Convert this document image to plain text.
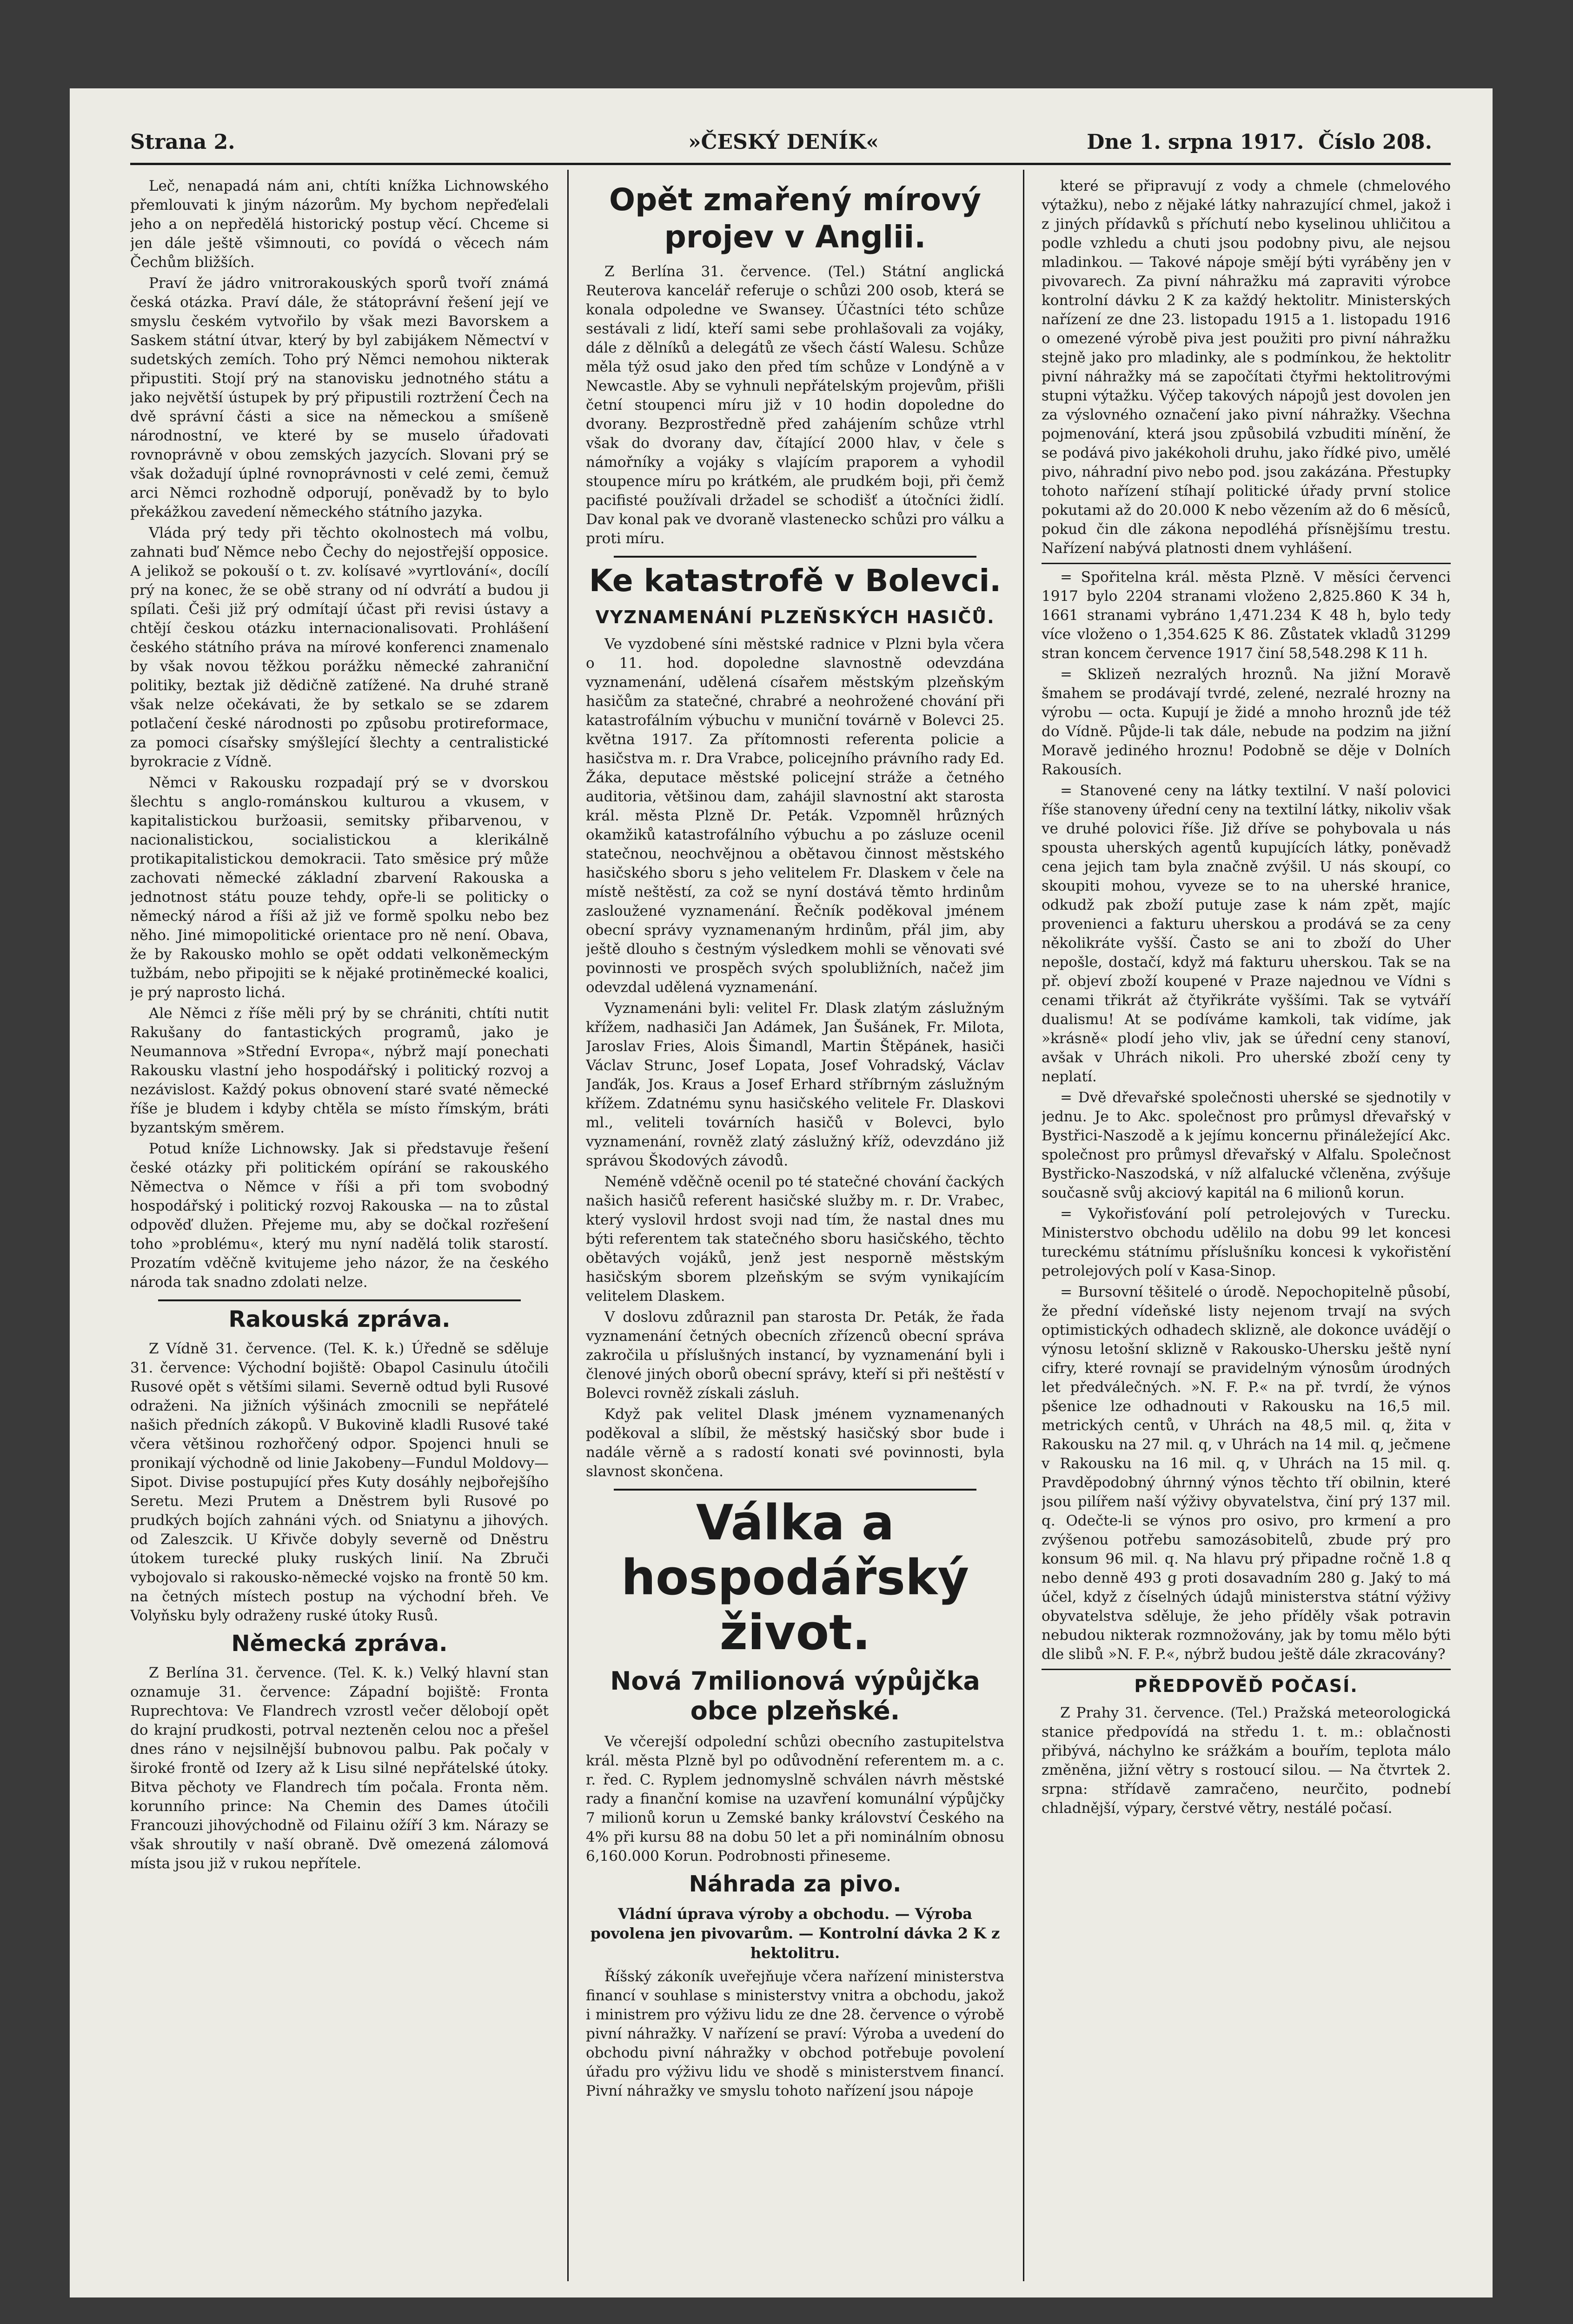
Strana 2.	»ČESKÝ DENÍK«	Dne 1. srpna 1917. Číslo 208.

Leč, nenapadá nám ani, chtíti knížka Lichnowského přemlouvati k jiným názorům. My bychom nepřeďelali jeho a on nepředělá historický postup věcí. Chceme si jen dále ještě všimnouti, co povídá o věcech nám Čechům bližších.

Praví že jádro vnitrorakouských sporů tvoří známá česká otázka. Praví dále, že státoprávní řešení její ve smyslu českém vytvořilo by však mezi Bavorskem a Saskem státní útvar, který by byl zabijákem Němectví v sudetských zemích. Toho prý Němci nemohou nikterak připustiti. Stojí prý na stanovisku jednotného státu a jako největší ústupek by prý připustili roztržení Čech na dvě správní části a sice na německou a smíšeně národnostní, ve které by se muselo úřadovati rovnoprávně v obou zemských jazycích. Slovani prý se však dožadují úplné rovnoprávnosti v celé zemi, čemuž arci Němci rozhodně odporují, poněvadž by to bylo překážkou zavedení německého státního jazyka.

Vláda prý tedy při těchto okolnostech má volbu, zahnati buď Němce nebo Čechy do nejostřejší opposice. A jelikož se pokouší o t. zv. kolísavé »vyrtlování«, docílí prý na konec, že se obě strany od ní odvrátí a budou ji spílati. Češi již prý odmítají účast při revisi ústavy a chtějí českou otázku internacionalisovati. Prohlášení českého státního práva na mírové konferenci znamenalo by však novou těžkou porážku německé zahraniční politiky, beztak již dědičně zatížené. Na druhé straně však nelze očekávati, že by setkalo se se zdarem potlačení české národnosti po způsobu protireformace, za pomoci císařsky smýšlející šlechty a centralistické byrokracie z Vídně.

Němci v Rakousku rozpadají prý se v dvorskou šlechtu s anglo-románskou kulturou a vkusem, v kapitalistickou buržoasii, semitsky přibarvenou, v nacionalistickou, socialistickou a klerikálně protikapitalistickou demokracii. Tato směsice prý může zachovati německé základní zbarvení Rakouska a jednotnost státu pouze tehdy, opře-li se politicky o německý národ a říši až již ve formě spolku nebo bez něho. Jiné mimopolitické orientace pro ně není. Obava, že by Rakousko mohlo se opět oddati velkoněmeckým tužbám, nebo připojiti se k nějaké protiněmecké koalici, je prý naprosto lichá.

Ale Němci z říše měli prý by se chrániti, chtíti nutit Rakušany do fantastických programů, jako je Neumannova »Střední Evropa«, nýbrž mají ponechati Rakousku vlastní jeho hospodářský i politický rozvoj a nezávislost. Každý pokus obnovení staré svaté německé říše je bludem i kdyby chtěla se místo římským, bráti byzantským směrem.

Potud kníže Lichnowsky. Jak si představuje řešení české otázky při politickém opírání se rakouského Němectva o Němce v říši a při tom svobodný hospodářský i politický rozvoj Rakouska — na to zůstal odpověď dlužen. Přejeme mu, aby se dočkal rozřešení toho »problému«, který mu nyní nadělá tolik starostí. Prozatím vděčně kvitujeme jeho názor, že na českého národa tak snadno zdolati nelze.

Rakouská zpráva.

Z Vídně 31. července. (Tel. K. k.) Úředně se sděluje 31. července: Východní bojiště: Obapol Casinulu útočili Rusové opět s většími silami. Severně odtud byli Rusové odraženi. Na jižních výšinách zmocnili se nepřátelé našich předních zákopů. V Bukovině kladli Rusové také včera většinou rozhořčený odpor. Spojenci hnuli se pronikají východně od linie Jakobeny—Fundul Moldovy—Sipot. Divise postupující přes Kuty dosáhly nejbořejšího Seretu. Mezi Prutem a Dněstrem byli Rusové po prudkých bojích zahnáni vých. od Sniatynu a jihových. od Zaleszcik. U Křivče dobyly severně od Dněstru útokem turecké pluky ruských linií. Na Zbruči vybojovalo si rakousko-německé vojsko na frontě 50 km. na četných místech postup na východní břeh. Ve Volyňsku byly odraženy ruské útoky Rusů.

Německá zpráva.

Z Berlína 31. července. (Tel. K. k.) Velký hlavní stan oznamuje 31. července: Západní bojiště: Fronta Ruprechtova: Ve Flandrech vzrostl večer dělobojí opět do krajní prudkosti, potrval nezteněn celou noc a přešel dnes ráno v nejsilnější bubnovou palbu. Pak počaly v široké frontě od Izery až k Lisu silné nepřátelské útoky. Bitva pěchoty ve Flandrech tím počala. Fronta něm. korunního prince: Na Chemin des Dames útočili Francouzi jihovýchodně od Filainu ožíří 3 km. Nárazy se však shroutily v naší obraně. Dvě omezená zálomová místa jsou již v rukou nepřítele.

Opět zmařený mírový projev v Anglii.

Z Berlína 31. července. (Tel.) Státní anglická Reuterova kancelář referuje o schůzi 200 osob, která se konala odpoledne ve Swansey. Účastníci této schůze sestávali z lidí, kteří sami sebe prohlašovali za vojáky, dále z dělníků a delegátů ze všech částí Walesu. Schůze měla týž osud jako den před tím schůze v Londýně a v Newcastle. Aby se vyhnuli nepřátelským projevům, přišli četní stoupenci míru již v 10 hodin dopoledne do dvorany. Bezprostředně před zahájením schůze vtrhl však do dvorany dav, čítající 2000 hlav, v čele s námořníky a vojáky s vlajícím praporem a vyhodil stoupence míru po krátkém, ale prudkém boji, při čemž pacifisté používali držadel se schodišť a útočníci židlí. Dav konal pak ve dvoraně vlastenecko schůzi pro válku a proti míru.

Ke katastrofě v Bolevci.
VYZNAMENÁNÍ PLZEŇSKÝCH HASIČŮ.

Ve vyzdobené síni městské radnice v Plzni byla včera o 11. hod. dopoledne slavnostně odevzdána vyznamenání, udělená císařem městským plzeňským hasičům za statečné, chrabré a neohrožené chování při katastrofálním výbuchu v muniční továrně v Bolevci 25. května 1917. Za přítomnosti referenta policie a hasičstva m. r. Dra Vrabce, policejního právního rady Ed. Žáka, deputace městské policejní stráže a četného auditoria, většinou dam, zahájil slavnostní akt starosta král. města Plzně Dr. Peták. Vzpomněl hrůzných okamžiků katastrofálního výbuchu a po zásluze ocenil statečnou, neochvějnou a obětavou činnost městského hasičského sboru s jeho velitelem Fr. Dlaskem v čele na místě neštěstí, za což se nyní dostává těmto hrdinům zasloužené vyznamenání. Řečník poděkoval jménem obecní správy vyznamenaným hrdinům, přál jim, aby ještě dlouho s čestným výsledkem mohli se věnovati své povinnosti ve prospěch svých spolubližních, načež jim odevzdal udělená vyznamenání.

Vyznamenáni byli: velitel Fr. Dlask zlatým záslužným křížem, nadhasiči Jan Adámek, Jan Šušánek, Fr. Milota, Jaroslav Fries, Alois Šimandl, Martin Štěpánek, hasiči Václav Strunc, Josef Lopata, Josef Vohradský, Václav Janďák, Jos. Kraus a Josef Erhard stříbrným záslužným křížem. Zdatnému synu hasičského velitele Fr. Dlaskovi ml., veliteli továrních hasičů v Bolevci, bylo vyznamenání, rovněž zlatý záslužný kříž, odevzdáno již správou Škodových závodů.

Neméně vděčně ocenil po té statečné chování čackých našich hasičů referent hasičské služby m. r. Dr. Vrabec, který vyslovil hrdost svoji nad tím, že nastal dnes mu býti referentem tak statečného sboru hasičského, těchto obětavých vojáků, jenž jest nesporně městským hasičským sborem plzeňským se svým vynikajícím velitelem Dlaskem.

V doslovu zdůraznil pan starosta Dr. Peták, že řada vyznamenání četných obecních zřízenců obecní správa zakročila u příslušných instancí, by vyznamenání byli i členové jiných oborů obecní správy, kteří si při neštěstí v Bolevci rovněž získali zásluh.

Když pak velitel Dlask jménem vyznamenaných poděkoval a slíbil, že městský hasičský sbor bude i nadále věrně a s radostí konati své povinnosti, byla slavnost skončena.

Válka a hospodářský život.
Nová 7milionová výpůjčka obce plzeňské.

Ve včerejší odpolední schůzi obecního zastupitelstva král. města Plzně byl po odůvodnění referentem m. a c. r. řed. C. Ryplem jednomyslně schválen návrh městské rady a finanční komise na uzavření komunální výpůjčky 7 milionů korun u Zemské banky království Českého na 4% při kursu 88 na dobu 50 let a při nominálním obnosu 6,160.000 Korun. Podrobnosti přineseme.

Náhrada za pivo.
Vládní úprava výroby a obchodu. — Výroba povolena jen pivovarům. — Kontrolní dávka 2 K z hektolitru.

Říšský zákoník uveřejňuje včera nařízení ministerstva financí v souhlase s ministerstvy vnitra a obchodu, jakož i ministrem pro výživu lidu ze dne 28. července o výrobě pivní náhražky. V nařízení se praví: Výroba a uvedení do obchodu pivní náhražky v obchod potřebuje povolení úřadu pro výživu lidu ve shodě s ministerstvem financí. Pivní náhražky ve smyslu tohoto nařízení jsou nápoje

které se připravují z vody a chmele (chmelového výtažku), nebo z nějaké látky nahrazující chmel, jakož i z jiných přídavků s příchutí nebo kyselinou uhličitou a podle vzhledu a chuti jsou podobny pivu, ale nejsou mladinkou. — Takové nápoje smějí býti vyráběny jen v pivovarech. Za pivní náhražku má zapraviti výrobce kontrolní dávku 2 K za každý hektolitr. Ministerských nařízení ze dne 23. listopadu 1915 a 1. listopadu 1916 o omezené výrobě piva jest použiti pro pivní náhražku stejně jako pro mladinky, ale s podmínkou, že hektolitr pivní náhražky má se započítati čtyřmi hektolitrovými stupni výtažku. Výčep takových nápojů jest dovolen jen za výslovného označení jako pivní náhražky. Všechna pojmenování, která jsou způsobilá vzbuditi mínění, že se podává pivo jakékoholi druhu, jako řídké pivo, umělé pivo, náhradní pivo nebo pod. jsou zakázána. Přestupky tohoto nařízení stíhají politické úřady první stolice pokutami až do 20.000 K nebo vězením až do 6 měsíců, pokud čin dle zákona nepodléhá přísnějšímu trestu. Nařízení nabývá platnosti dnem vyhlášení.

= Spořitelna král. města Plzně. V měsíci červenci 1917 bylo 2204 stranami vloženo 2,825.860 K 34 h, 1661 stranami vybráno 1,471.234 K 48 h, bylo tedy více vloženo o 1,354.625 K 86. Zůstatek vkladů 31299 stran koncem července 1917 činí 58,548.298 K 11 h.

= Sklizeň nezralých hroznů. Na jižní Moravě šmahem se prodávají tvrdé, zelené, nezralé hrozny na výrobu — octa. Kupují je židé a mnoho hroznů jde též do Vídně. Půjde-li tak dále, nebude na podzim na jižní Moravě jediného hroznu! Podobně se děje v Dolních Rakousích.

= Stanovené ceny na látky textilní. V naší polovici říše stanoveny úřední ceny na textilní látky, nikoliv však ve druhé polovici říše. Již dříve se pohybovala u nás spousta uherských agentů kupujících látky, poněvadž cena jejich tam byla značně zvýšil. U nás skoupí, co skoupiti mohou, vyveze se to na uherské hranice, odkudž pak zboží putuje zase k nám zpět, majíc provenienci a fakturu uherskou a prodává se za ceny několikráte vyšší. Často se ani to zboží do Uher nepošle, dostačí, když má fakturu uherskou. Tak se na př. objeví zboží koupené v Praze najednou ve Vídni s cenami třikrát až čtyřikráte vyššími. Tak se vytváří dualismu! At se podíváme kamkoli, tak vidíme, jak »krásně« plodí jeho vliv, jak se úřední ceny stanoví, avšak v Uhrách nikoli. Pro uherské zboží ceny ty neplatí.

= Dvě dřevařské společnosti uherské se sjednotily v jednu. Je to Akc. společnost pro průmysl dřevařský v Bystřici-Naszodě a k jejímu koncernu přináležející Akc. společnost pro průmysl dřevařský v Alfalu. Společnost Bystřicko-Naszodská, v níž alfalucké včleněna, zvýšuje současně svůj akciový kapitál na 6 milionů korun.

= Vykořisťování polí petrolejových v Turecku. Ministerstvo obchodu udělilo na dobu 99 let koncesi tureckému státnímu příslušníku koncesi k vykořistění petrolejových polí v Kasa-Sinop.

= Bursovní těšitelé o úrodě. Nepochopitelně působí, že přední vídeňské listy nejenom trvají na svých optimistických odhadech sklizně, ale dokonce uvádějí o výnosu letošní sklizně v Rakousko-Uhersku ještě nyní cifry, které rovnají se pravidelným výnosům úrodných let předválečných. »N. F. P.« na př. tvrdí, že výnos pšenice lze odhadnouti v Rakousku na 16,5 mil. metrických centů, v Uhrách na 48,5 mil. q, žita v Rakousku na 27 mil. q, v Uhrách na 14 mil. q, ječmene v Rakousku na 16 mil. q, v Uhrách na 15 mil. q. Pravděpodobný úhrnný výnos těchto tří obilnin, které jsou pilířem naší výživy obyvatelstva, činí prý 137 mil. q. Odečte-li se výnos pro osivo, pro krmení a pro zvýšenou potřebu samozásobitelů, zbude prý pro konsum 96 mil. q. Na hlavu prý připadne ročně 1.8 q nebo denně 493 g proti dosavadním 280 g. Jaký to má účel, když z číselných údajů ministerstva státní výživy obyvatelstva sděluje, že jeho příděly však potravin nebudou nikterak rozmnožovány, jak by tomu mělo býti dle slibů »N. F. P.«, nýbrž budou ještě dále zkracovány?

PŘEDPOVĚĎ POČASÍ.

Z Prahy 31. července. (Tel.) Pražská meteorologická stanice předpovídá na středu 1. t. m.: oblačnosti přibývá, náchylno ke srážkám a bouřím, teplota málo změněna, jižní větry s rostoucí silou. — Na čtvrtek 2. srpna: střídavě zamračeno, neurčito, podnebí chladnější, výpary, čerstvé větry, nestálé počasí.
